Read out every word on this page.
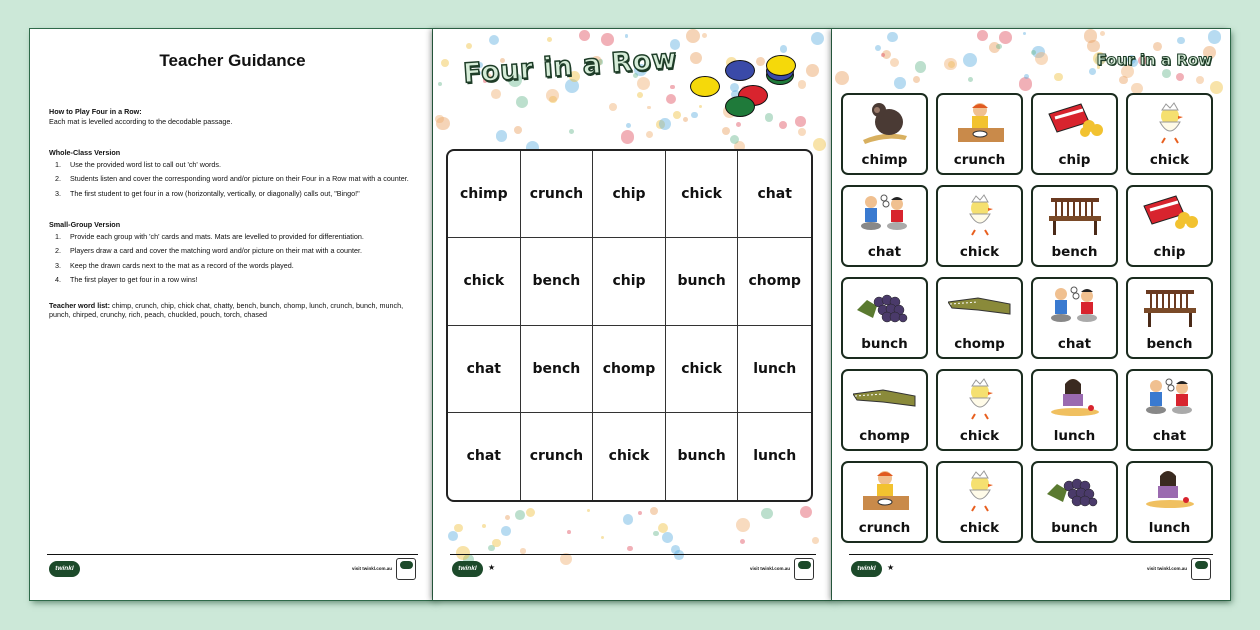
Teacher Guidance
How to Play Four in a Row:
Each mat is levelled according to the decodable passage.
Whole-Class Version
1.	Use the provided word list to call out 'ch' words.
2.	Students listen and cover the corresponding word and/or picture on their Four in a Row mat with a counter.
3.	The first student to get four in a row (horizontally, vertically, or diagonally) calls out, "Bingo!"
Small-Group Version
1.	Provide each group with 'ch' cards and mats. Mats are levelled to provided for differentiation.
2.	Players draw a card and cover the matching word and/or picture on their mat with a counter.
3.	Keep the drawn cards next to the mat as a record of the words played.
4.	The first player to get four in a row wins!
Teacher word list: chimp, crunch, chip, chick chat, chatty, bench, bunch, chomp, lunch, crunch, bunch, munch, punch, chirped, crunchy, rich, peach, chuckled, pouch, torch, chased
twinkl	visit twinkl.com.au
Four in a Row
chimp	crunch	chip	chick	chat
chick	bench	chip	bunch	chomp
chat	bench	chomp	chick	lunch
chat	crunch	chick	bunch	lunch
twinkl	★	visit twinkl.com.au
Four in a Row
chimp	crunch	chip	chick
chat	chick	bench	chip
bunch	chomp	chat	bench
chomp	chick	lunch	chat
crunch	chick	bunch	lunch
twinkl	★	visit twinkl.com.au
